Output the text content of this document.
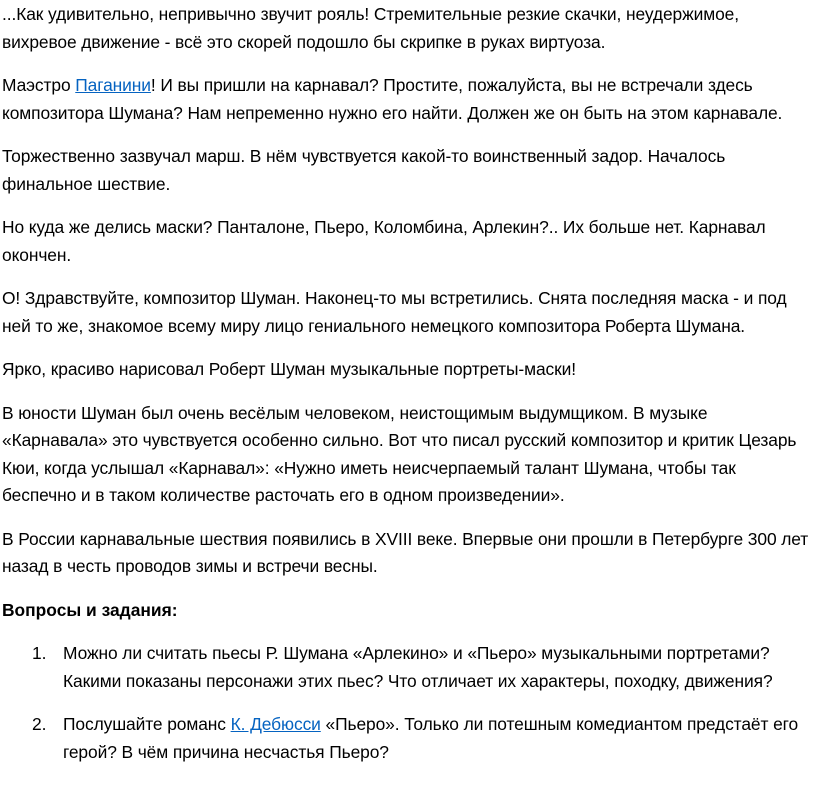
...Как удивительно, непривычно звучит рояль! Стремительные резкие скачки, неудержимое, вихревое движение - всё это скорей подошло бы скрипке в руках виртуоза.

Маэстро Паганини! И вы пришли на карнавал? Простите, пожалуйста, вы не встречали здесь композитора Шумана? Нам непременно нужно его найти. Должен же он быть на этом карнавале.

Торжественно зазвучал марш. В нём чувствуется какой-то воинственный задор. Началось финальное шествие.

Но куда же делись маски? Панталоне, Пьеро, Коломбина, Арлекин?.. Их больше нет. Карнавал окончен.

О! Здравствуйте, композитор Шуман. Наконец-то мы встретились. Снята последняя маска - и под ней то же, знакомое всему миру лицо гениального немецкого композитора Роберта Шумана.

Ярко, красиво нарисовал Роберт Шуман музыкальные портреты-маски!

В юности Шуман был очень весёлым человеком, неистощимым выдумщиком. В музыке «Карнавала» это чувствуется особенно сильно. Вот что писал русский композитор и критик Цезарь Кюи, когда услышал «Карнавал»: «Нужно иметь неисчерпаемый талант Шумана, чтобы так беспечно и в таком количестве расточать его в одном произведении».

В России карнавальные шествия появились в XVIII веке. Впервые они прошли в Петербурге 300 лет назад в честь проводов зимы и встречи весны.

Вопросы и задания:

1. Можно ли считать пьесы Р. Шумана «Арлекино» и «Пьеро» музыкальными портретами? Какими показаны персонажи этих пьес? Что отличает их характеры, походку, движения?
2. Послушайте романс К. Дебюсси «Пьеро». Только ли потешным комедиантом предстаёт его герой? В чём причина несчастья Пьеро?
